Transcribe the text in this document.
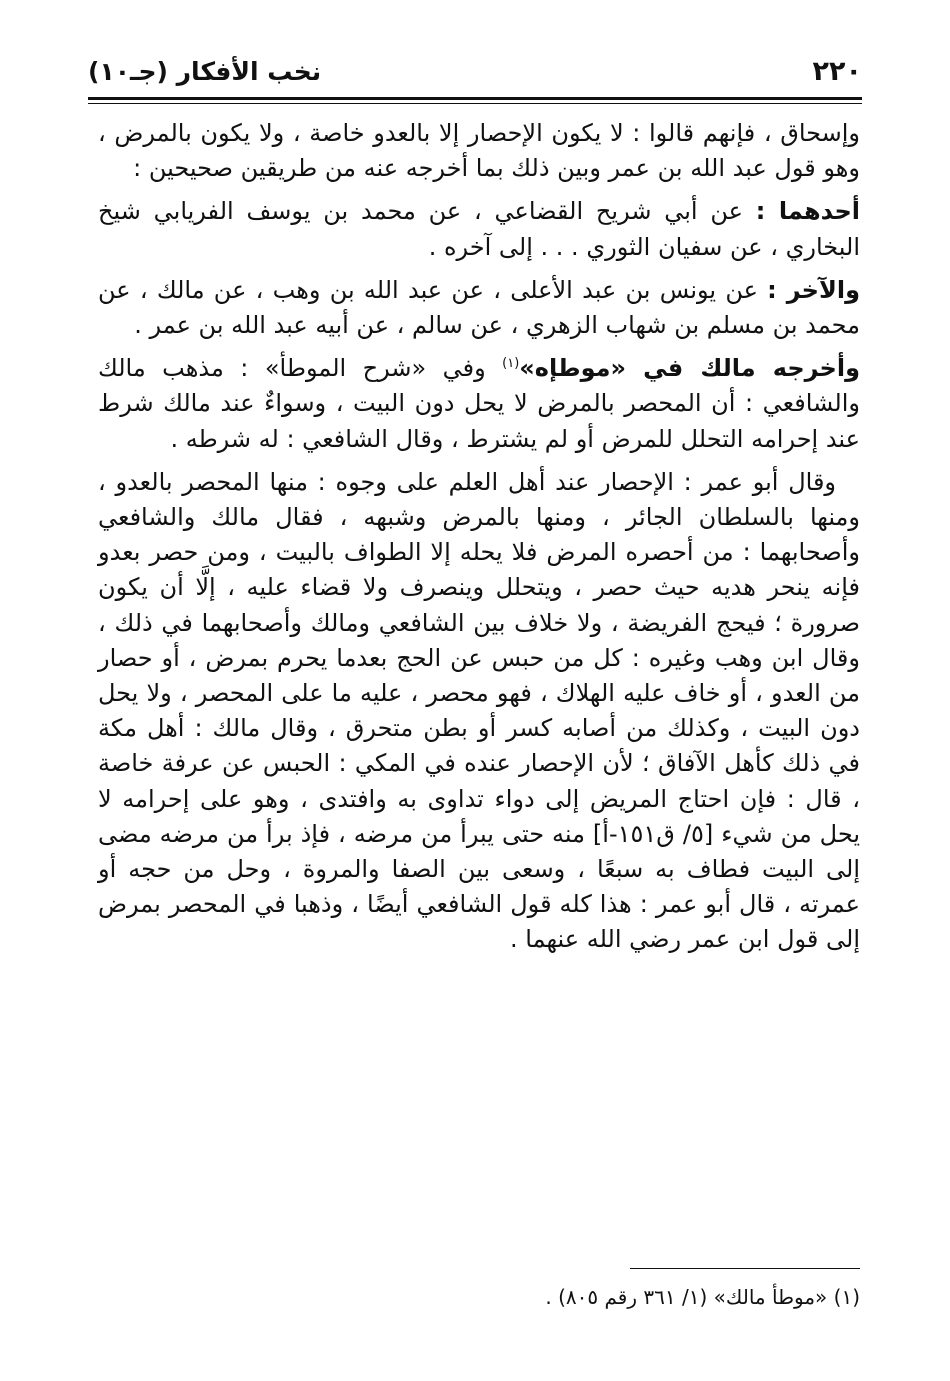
٢٢٠
نخب الأفكار (جـ١٠)

وإسحاق ، فإنهم قالوا : لا يكون الإحصار إلا بالعدو خاصة ، ولا يكون بالمرض ، وهو قول عبد الله بن عمر وبين ذلك بما أخرجه عنه من طريقين صحيحين :

أحدهما : عن أبي شريح القضاعي ، عن محمد بن يوسف الفريابي شيخ البخاري ، عن سفيان الثوري . . . إلى آخره .

والآخر : عن يونس بن عبد الأعلى ، عن عبد الله بن وهب ، عن مالك ، عن محمد بن مسلم بن شهاب الزهري ، عن سالم ، عن أبيه عبد الله بن عمر .

وأخرجه مالك في «موطإه»$^{(١)}$ وفي «شرح الموطأ» : مذهب مالك والشافعي : أن المحصر بالمرض لا يحل دون البيت ، وسواءٌ عند مالك شرط عند إحرامه التحلل للمرض أو لم يشترط ، وقال الشافعي : له شرطه .

وقال أبو عمر : الإحصار عند أهل العلم على وجوه : منها المحصر بالعدو ، ومنها بالسلطان الجائر ، ومنها بالمرض وشبهه ، فقال مالك والشافعي وأصحابهما : من أحصره المرض فلا يحله إلا الطواف بالبيت ، ومن حصر بعدو فإنه ينحر هديه حيث حصر ، ويتحلل وينصرف ولا قضاء عليه ، إلَّا أن يكون صرورة ؛ فيحج الفريضة ، ولا خلاف بين الشافعي ومالك وأصحابهما في ذلك ، وقال ابن وهب وغيره : كل من حبس عن الحج بعدما يحرم بمرض ، أو حصار من العدو ، أو خاف عليه الهلاك ، فهو محصر ، عليه ما على المحصر ، ولا يحل دون البيت ، وكذلك من أصابه كسر أو بطن متحرق ، وقال مالك : أهل مكة في ذلك كأهل الآفاق ؛ لأن الإحصار عنده في المكي : الحبس عن عرفة خاصة ، قال : فإن احتاج المريض إلى دواء تداوى به وافتدى ، وهو على إحرامه لا يحل من شيء [٥/ ق١٥١-أ] منه حتى يبرأ من مرضه ، فإذ برأ من مرضه مضى إلى البيت فطاف به سبعًا ، وسعى بين الصفا والمروة ، وحل من حجه أو عمرته ، قال أبو عمر : هذا كله قول الشافعي أيضًا ، وذهبا في المحصر بمرض إلى قول ابن عمر رضي الله عنهما .

(١) «موطأ مالك» (١/ ٣٦١ رقم ٨٠٥) .
